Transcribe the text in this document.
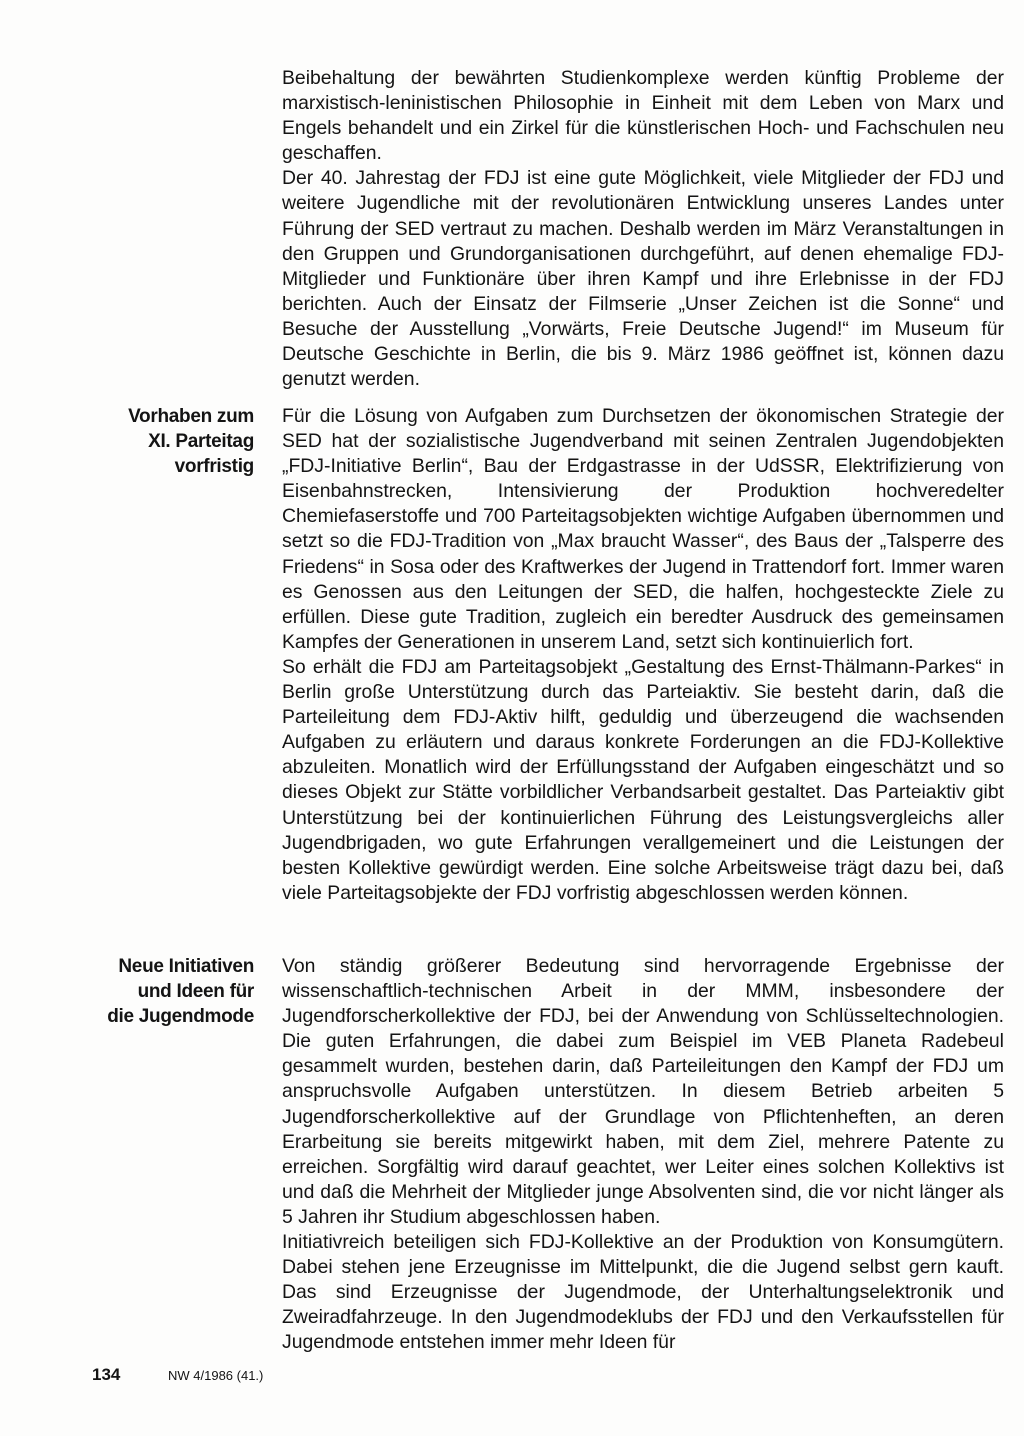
Beibehaltung der bewährten Studienkomplexe werden künftig Probleme der marxistisch-leninistischen Philosophie in Einheit mit dem Leben von Marx und Engels behandelt und ein Zirkel für die künstlerischen Hoch- und Fachschulen neu geschaffen.

Der 40. Jahrestag der FDJ ist eine gute Möglichkeit, viele Mitglieder der FDJ und weitere Jugendliche mit der revolutionären Entwicklung unseres Landes unter Führung der SED vertraut zu machen. Deshalb werden im März Veranstaltungen in den Gruppen und Grundorganisationen durchgeführt, auf denen ehemalige FDJ-Mitglieder und Funktionäre über ihren Kampf und ihre Erlebnisse in der FDJ berichten. Auch der Einsatz der Filmserie „Unser Zeichen ist die Sonne“ und Besuche der Ausstellung „Vorwärts, Freie Deutsche Jugend!“ im Museum für Deutsche Geschichte in Berlin, die bis 9. März 1986 geöffnet ist, können dazu genutzt werden.

Vorhaben zum
XI. Parteitag
vorfristig

Für die Lösung von Aufgaben zum Durchsetzen der ökonomischen Strategie der SED hat der sozialistische Jugendverband mit seinen Zentralen Jugendobjekten „FDJ-Initiative Berlin“, Bau der Erdgastrasse in der UdSSR, Elektrifizierung von Eisenbahnstrecken, Intensivierung der Produktion hochveredelter Chemiefaserstoffe und 700 Parteitagsobjekten wichtige Aufgaben übernommen und setzt so die FDJ-Tradition von „Max braucht Wasser“, des Baus der „Talsperre des Friedens“ in Sosa oder des Kraftwerkes der Jugend in Trattendorf fort. Immer waren es Genossen aus den Leitungen der SED, die halfen, hochgesteckte Ziele zu erfüllen. Diese gute Tradition, zugleich ein beredter Ausdruck des gemeinsamen Kampfes der Generationen in unserem Land, setzt sich kontinuierlich fort.

So erhält die FDJ am Parteitagsobjekt „Gestaltung des Ernst-Thälmann-Parkes“ in Berlin große Unterstützung durch das Parteiaktiv. Sie besteht darin, daß die Parteileitung dem FDJ-Aktiv hilft, geduldig und überzeugend die wachsenden Aufgaben zu erläutern und daraus konkrete Forderungen an die FDJ-Kollektive abzuleiten. Monatlich wird der Erfüllungsstand der Aufgaben eingeschätzt und so dieses Objekt zur Stätte vorbildlicher Verbandsarbeit gestaltet. Das Parteiaktiv gibt Unterstützung bei der kontinuierlichen Führung des Leistungsvergleichs aller Jugendbrigaden, wo gute Erfahrungen verallgemeinert und die Leistungen der besten Kollektive gewürdigt werden. Eine solche Arbeitsweise trägt dazu bei, daß viele Parteitagsobjekte der FDJ vorfristig abgeschlossen werden können.

Neue Initiativen
und Ideen für
die Jugendmode

Von ständig größerer Bedeutung sind hervorragende Ergebnisse der wissenschaftlich-technischen Arbeit in der MMM, insbesondere der Jugendforscherkollektive der FDJ, bei der Anwendung von Schlüsseltechnologien. Die guten Erfahrungen, die dabei zum Beispiel im VEB Planeta Radebeul gesammelt wurden, bestehen darin, daß Parteileitungen den Kampf der FDJ um anspruchsvolle Aufgaben unterstützen. In diesem Betrieb arbeiten 5 Jugendforscherkollektive auf der Grundlage von Pflichtenheften, an deren Erarbeitung sie bereits mitgewirkt haben, mit dem Ziel, mehrere Patente zu erreichen. Sorgfältig wird darauf geachtet, wer Leiter eines solchen Kollektivs ist und daß die Mehrheit der Mitglieder junge Absolventen sind, die vor nicht länger als 5 Jahren ihr Studium abgeschlossen haben.

Initiativreich beteiligen sich FDJ-Kollektive an der Produktion von Konsumgütern. Dabei stehen jene Erzeugnisse im Mittelpunkt, die die Jugend selbst gern kauft. Das sind Erzeugnisse der Jugendmode, der Unterhaltungselektronik und Zweiradfahrzeuge. In den Jugendmodeklubs der FDJ und den Verkaufsstellen für Jugendmode entstehen immer mehr Ideen für

134	NW 4/1986 (41.)
